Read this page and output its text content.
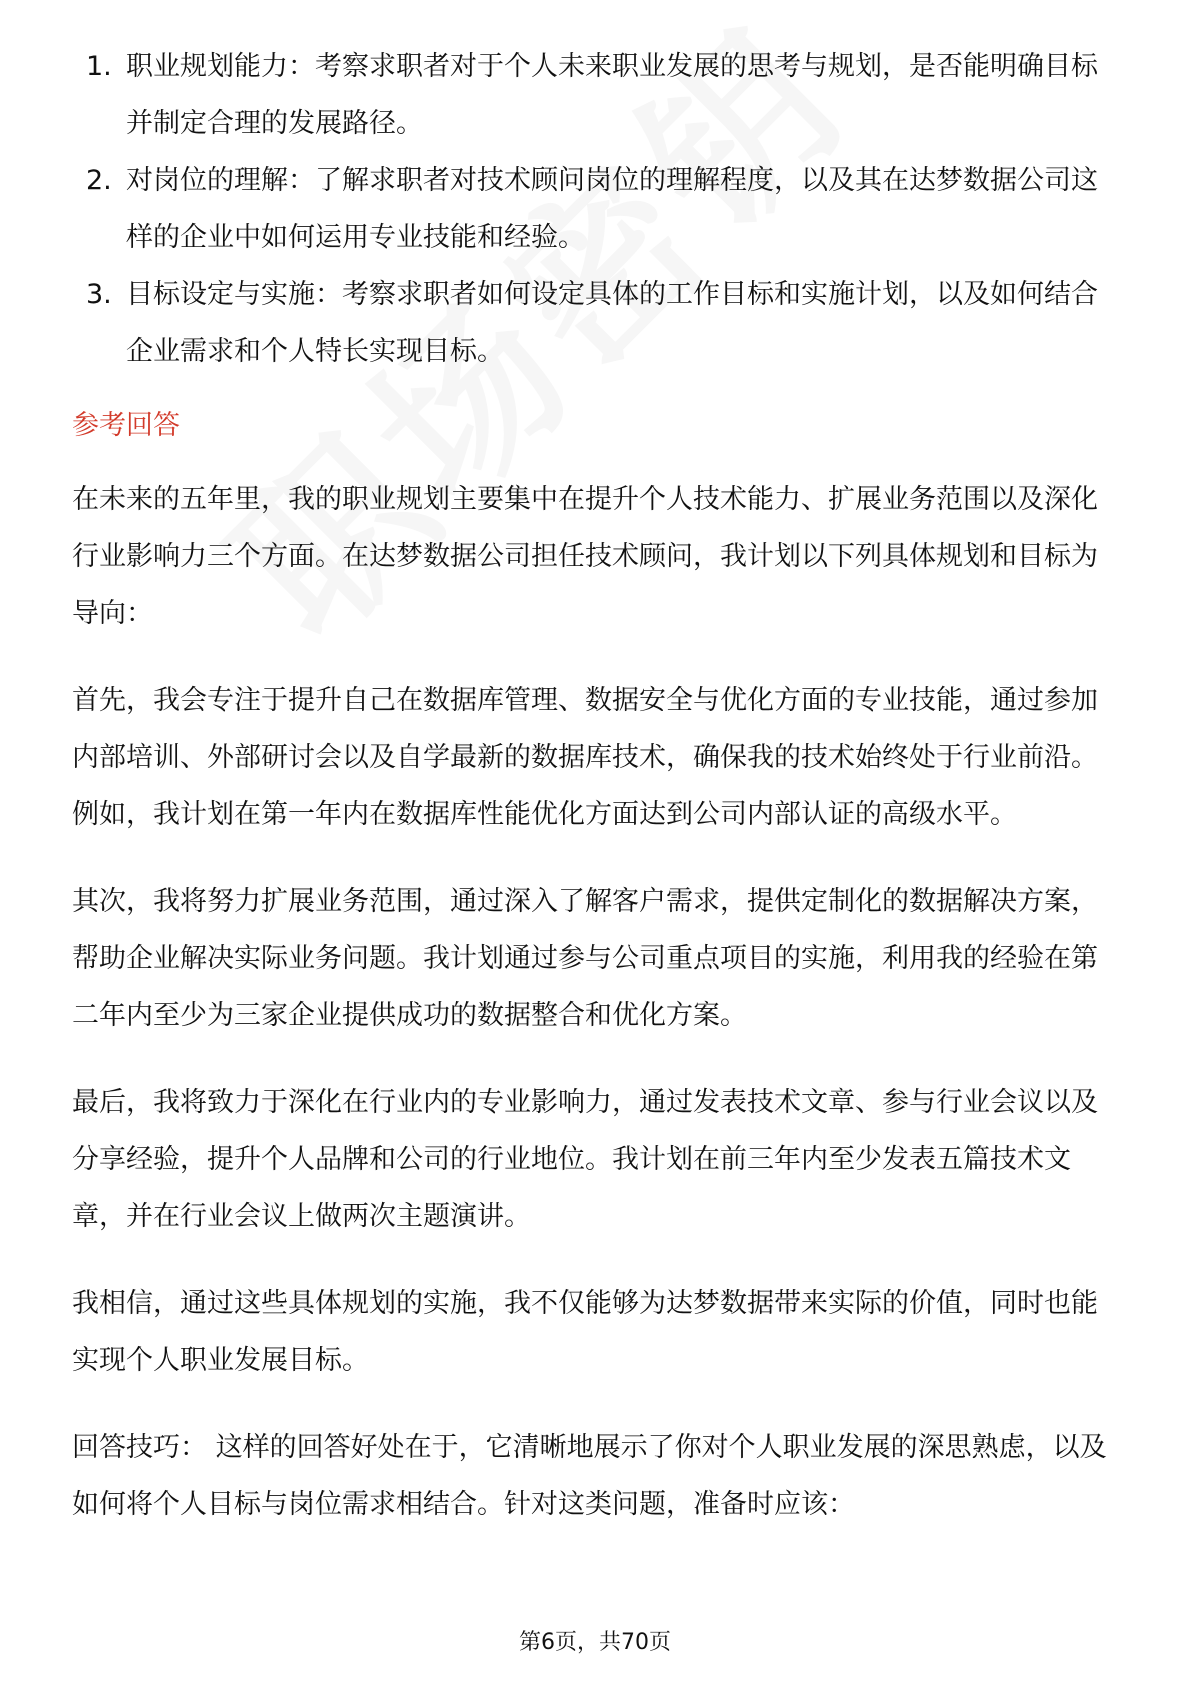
1. 职业规划能力：考察求职者对于个人未来职业发展的思考与规划，是否能明确目标并制定合理的发展路径。
2. 对岗位的理解：了解求职者对技术顾问岗位的理解程度，以及其在达梦数据公司这样的企业中如何运用专业技能和经验。
3. 目标设定与实施：考察求职者如何设定具体的工作目标和实施计划，以及如何结合企业需求和个人特长实现目标。
参考回答

在未来的五年里，我的职业规划主要集中在提升个人技术能力、扩展业务范围以及深化行业影响力三个方面。在达梦数据公司担任技术顾问，我计划以下列具体规划和目标为导向：

首先，我会专注于提升自己在数据库管理、数据安全与优化方面的专业技能，通过参加内部培训、外部研讨会以及自学最新的数据库技术，确保我的技术始终处于行业前沿。例如，我计划在第一年内在数据库性能优化方面达到公司内部认证的高级水平。

其次，我将努力扩展业务范围，通过深入了解客户需求，提供定制化的数据解决方案，帮助企业解决实际业务问题。我计划通过参与公司重点项目的实施，利用我的经验在第二年内至少为三家企业提供成功的数据整合和优化方案。

最后，我将致力于深化在行业内的专业影响力，通过发表技术文章、参与行业会议以及分享经验，提升个人品牌和公司的行业地位。我计划在前三年内至少发表五篇技术文章，并在行业会议上做两次主题演讲。

我相信，通过这些具体规划的实施，我不仅能够为达梦数据带来实际的价值，同时也能实现个人职业发展目标。

回答技巧： 这样的回答好处在于，它清晰地展示了你对个人职业发展的深思熟虑，以及如何将个人目标与岗位需求相结合。针对这类问题，准备时应该：

第6页，共70页
